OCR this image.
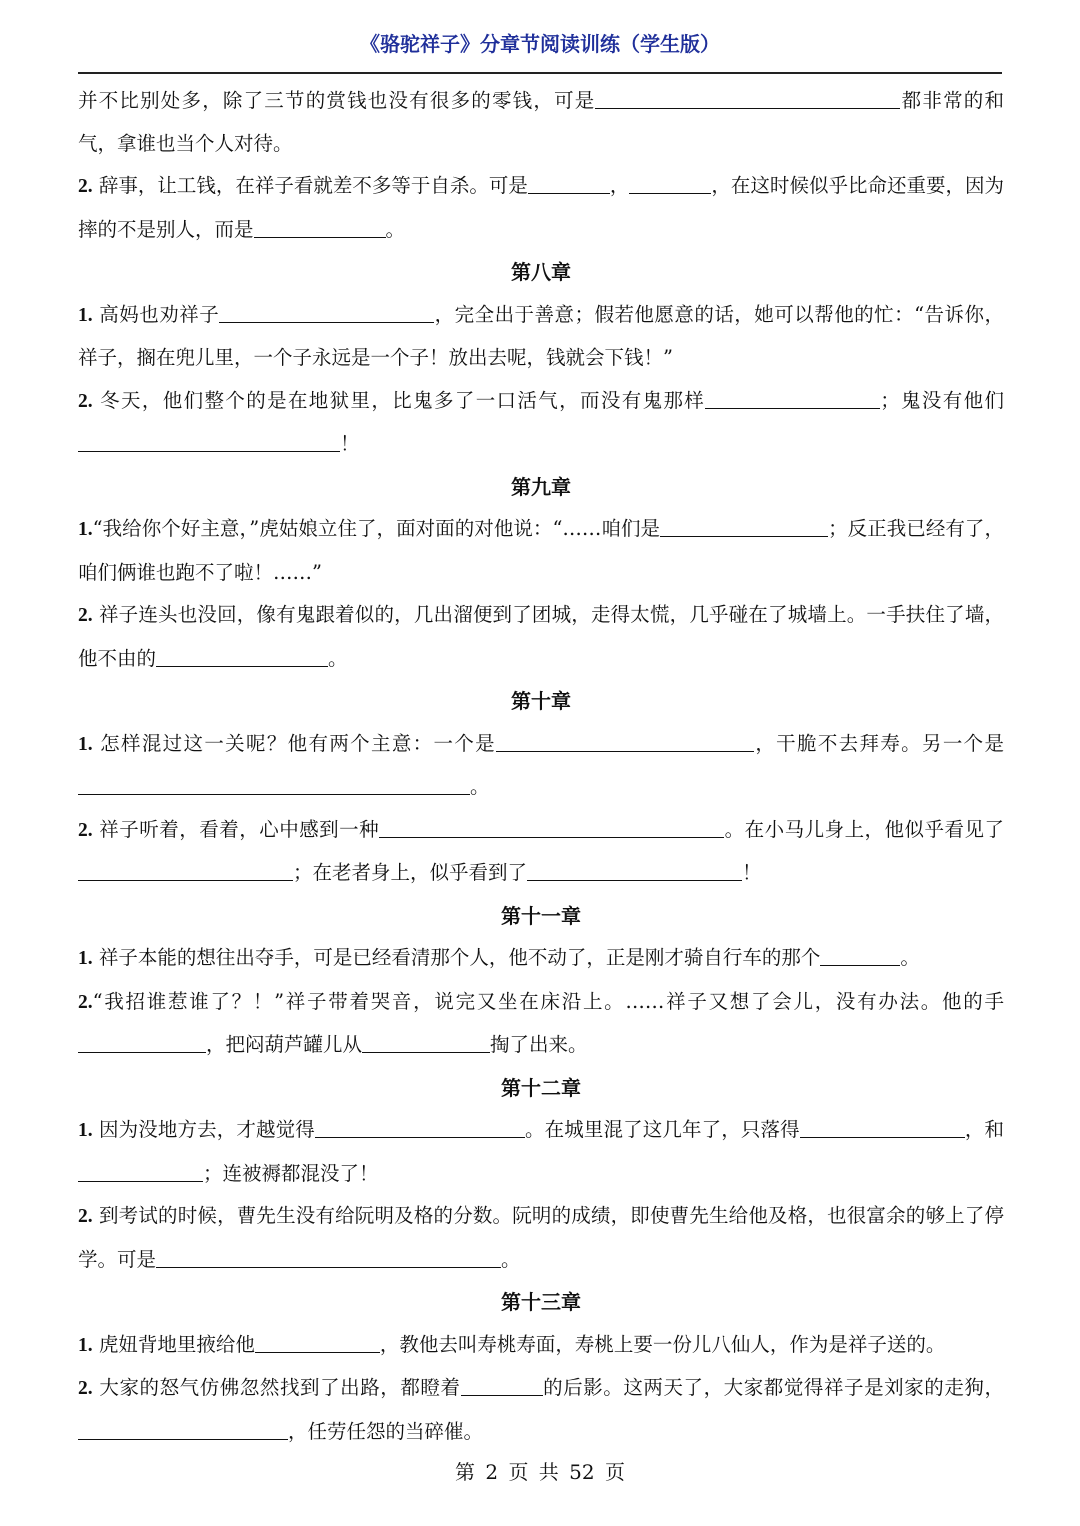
《骆驼祥子》分章节阅读训练（学生版）

并不比别处多，除了三节的赏钱也没有很多的零钱，可是	都非常的和气，拿谁也当个人对待。

2. 辞事，让工钱，在祥子看就差不多等于自杀。可是	，	，在这时候似乎比命还重要，因为摔的不是别人，而是	。

第八章

1. 高妈也劝祥子	，完全出于善意；假若他愿意的话，她可以帮他的忙：“告诉你，祥子，搁在兜儿里，一个子永远是一个子！放出去呢，钱就会下钱！”

2. 冬天，他们整个的是在地狱里，比鬼多了一口活气，而没有鬼那样	；鬼没有他们！

第九章

1.“我给你个好主意，”虎姑娘立住了，面对面的对他说：“……咱们是	；反正我已经有了，咱们俩谁也跑不了啦！……”

2. 祥子连头也没回，像有鬼跟着似的，几出溜便到了团城，走得太慌，几乎碰在了城墙上。一手扶住了墙，他不由的	。

第十章

1. 怎样混过这一关呢？他有两个主意：一个是	，干脆不去拜寿。另一个是。

2. 祥子听着，看着，心中感到一种	。在小马儿身上，他似乎看见了；在老者身上，似乎看到了	！

第十一章

1. 祥子本能的想往出夺手，可是已经看清那个人，他不动了，正是刚才骑自行车的那个	。

2.“我招谁惹谁了？！”祥子带着哭音，说完又坐在床沿上。……祥子又想了会儿，没有办法。他的手，把闷葫芦罐儿从	掏了出来。

第十二章

1. 因为没地方去，才越觉得	。在城里混了这几年了，只落得	，和；连被褥都混没了！

2. 到考试的时候，曹先生没有给阮明及格的分数。阮明的成绩，即使曹先生给他及格，也很富余的够上了停学。可是	。

第十三章

1. 虎妞背地里掖给他	，教他去叫寿桃寿面，寿桃上要一份儿八仙人，作为是祥子送的。

2. 大家的怒气仿佛忽然找到了出路，都瞪着	的后影。这两天了，大家都觉得祥子是刘家的走狗，，任劳任怨的当碎催。

第 2 页 共 52 页
